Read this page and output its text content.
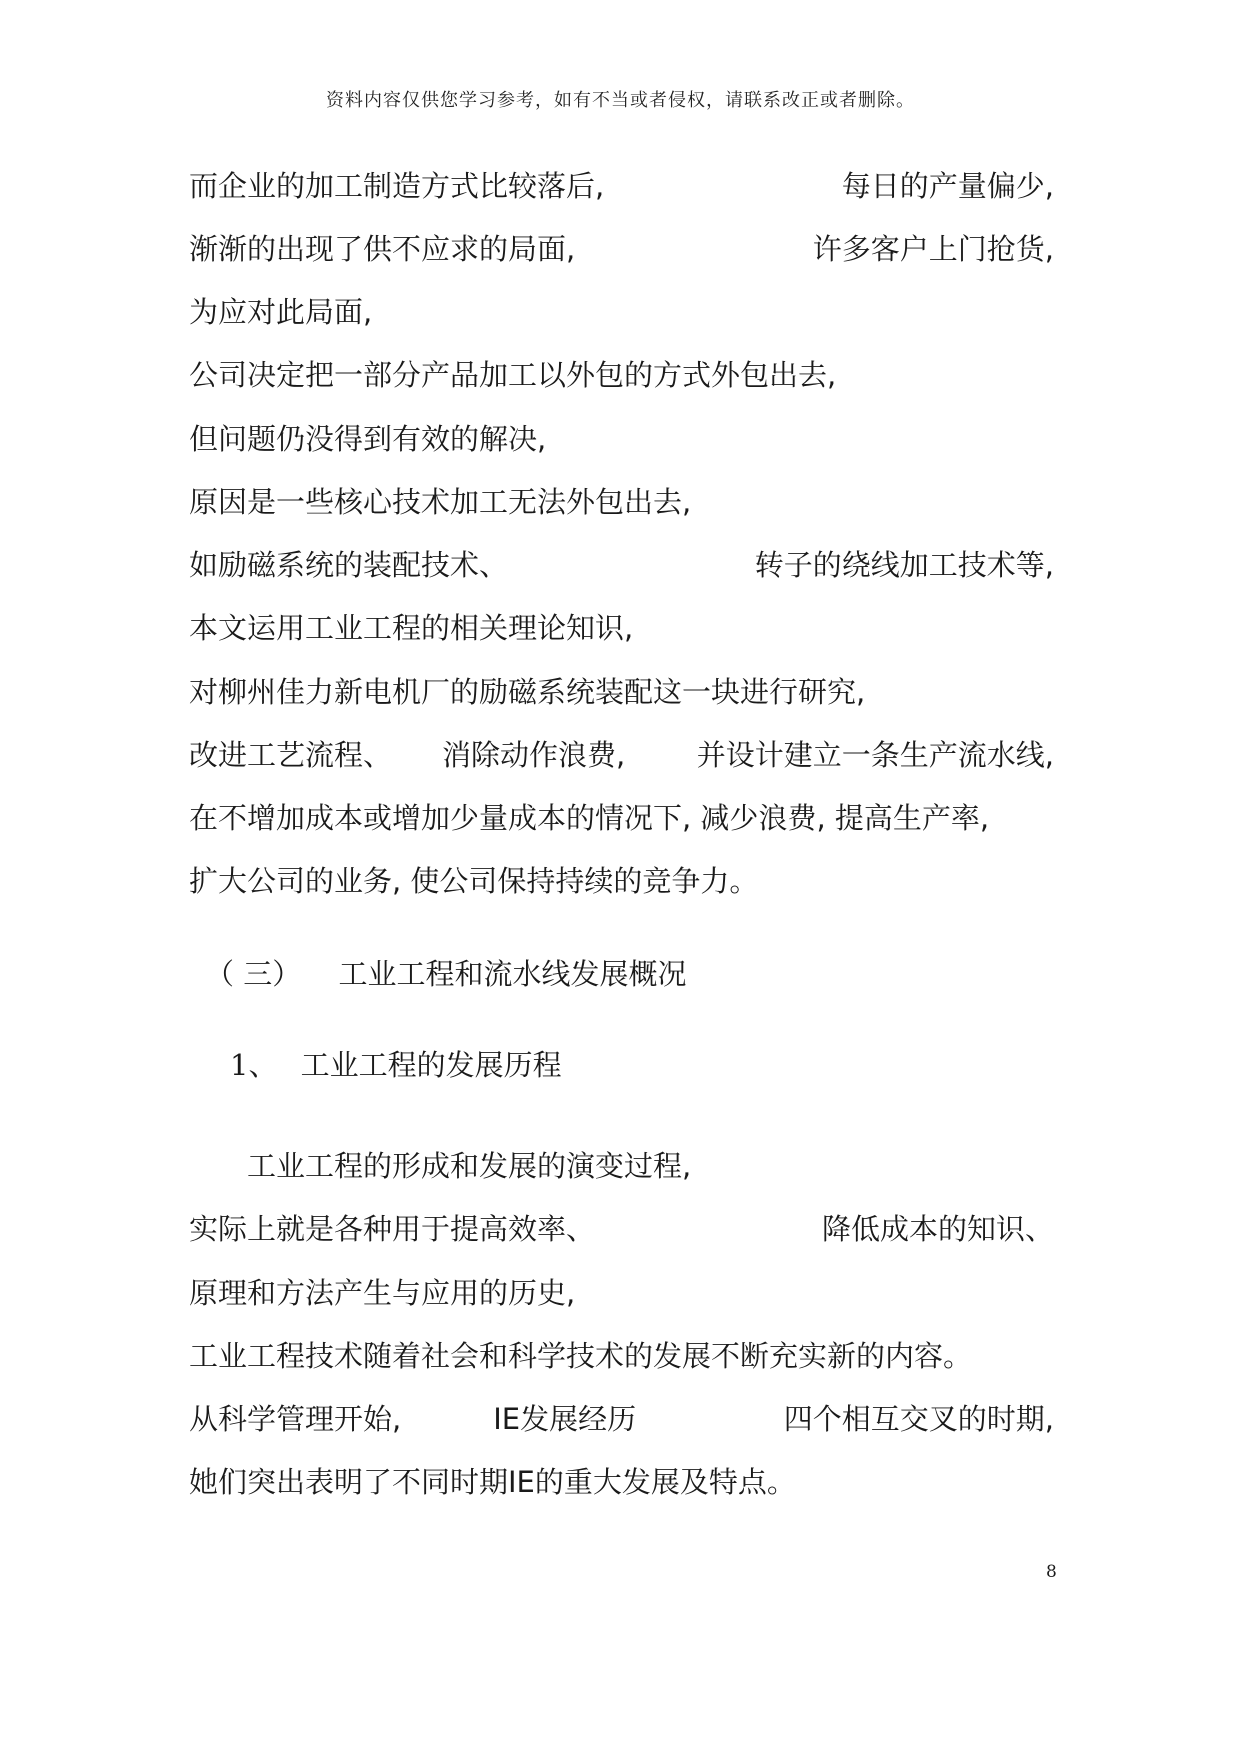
资料内容仅供您学习参考，如有不当或者侵权，请联系改正或者删除。
而企业的加工制造方式比较落后,	每日的产量偏少,
渐渐的出现了供不应求的局面,	许多客户上门抢货,
为应对此局面,
公司决定把一部分产品加工以外包的方式外包出去,
但问题仍没得到有效的解决,
原因是一些核心技术加工无法外包出去,
如励磁系统的装配技术、	转子的绕线加工技术等,
本文运用工业工程的相关理论知识,
对柳州佳力新电机厂的励磁系统装配这一块进行研究,
改进工艺流程、 消除动作浪费, 并设计建立一条生产流水线,
在不增加成本或增加少量成本的情况下, 减少浪费, 提高生产率,
扩大公司的业务, 使公司保持持续的竞争力。
（ 三） 工业工程和流水线发展概况
1、 工业工程的发展历程
工业工程的形成和发展的演变过程,
实际上就是各种用于提高效率、	降低成本的知识、
原理和方法产生与应用的历史,
工业工程技术随着社会和科学技术的发展不断充实新的内容。
从科学管理开始,	IE发展经历	四个相互交叉的时期,
她们突出表明了不同时期IE的重大发展及特点。
8
